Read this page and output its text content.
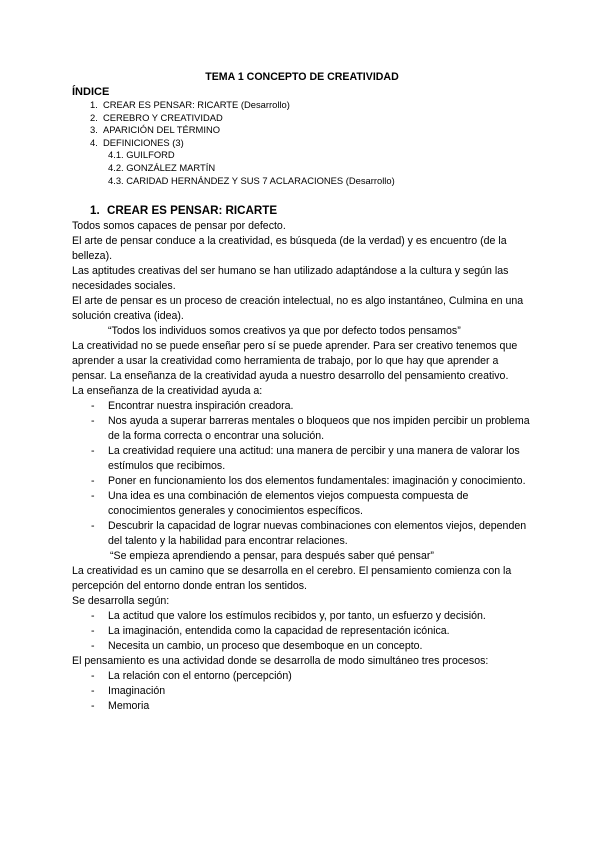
TEMA 1 CONCEPTO DE CREATIVIDAD
ÍNDICE
1. CREAR ES PENSAR: RICARTE (Desarrollo)
2. CEREBRO Y CREATIVIDAD
3. APARICIÓN DEL TÉRMINO
4. DEFINICIONES (3)
4.1. GUILFORD
4.2. GONZÁLEZ MARTÍN
4.3. CARIDAD HERNÁNDEZ Y SUS 7 ACLARACIONES (Desarrollo)
1. CREAR ES PENSAR: RICARTE

Todos somos capaces de pensar por defecto.

El arte de pensar conduce a la creatividad, es búsqueda (de la verdad) y es encuentro (de la belleza).

Las aptitudes creativas del ser humano se han utilizado adaptándose a la cultura y según las necesidades sociales.

El arte de pensar es un proceso de creación intelectual, no es algo instantáneo, Culmina en una solución creativa (idea).

“Todos los individuos somos creativos ya que por defecto todos pensamos”

La creatividad no se puede enseñar pero sí se puede aprender. Para ser creativo tenemos que aprender a usar la creatividad como herramienta de trabajo, por lo que hay que aprender a pensar. La enseñanza de la creatividad ayuda a nuestro desarrollo del pensamiento creativo.

La enseñanza de la creatividad ayuda a:

- Encontrar nuestra inspiración creadora.
- Nos ayuda a superar barreras mentales o bloqueos que nos impiden percibir un problema de la forma correcta o encontrar una solución.
- La creatividad requiere una actitud: una manera de percibir y una manera de valorar los estímulos que recibimos.
- Poner en funcionamiento los dos elementos fundamentales: imaginación y conocimiento.
- Una idea es una combinación de elementos viejos compuesta compuesta de conocimientos generales y conocimientos específicos.
- Descubrir la capacidad de lograr nuevas combinaciones con elementos viejos, dependen del talento y la habilidad para encontrar relaciones.

“Se empieza aprendiendo a pensar, para después saber qué pensar”

La creatividad es un camino que se desarrolla en el cerebro. El pensamiento comienza con la percepción del entorno donde entran los sentidos.

Se desarrolla según:

- La actitud que valore los estímulos recibidos y, por tanto, un esfuerzo y decisión.
- La imaginación, entendida como la capacidad de representación icónica.
- Necesita un cambio, un proceso que desemboque en un concepto.

El pensamiento es una actividad donde se desarrolla de modo simultáneo tres procesos:

- La relación con el entorno (percepción)
- Imaginación
- Memoria
